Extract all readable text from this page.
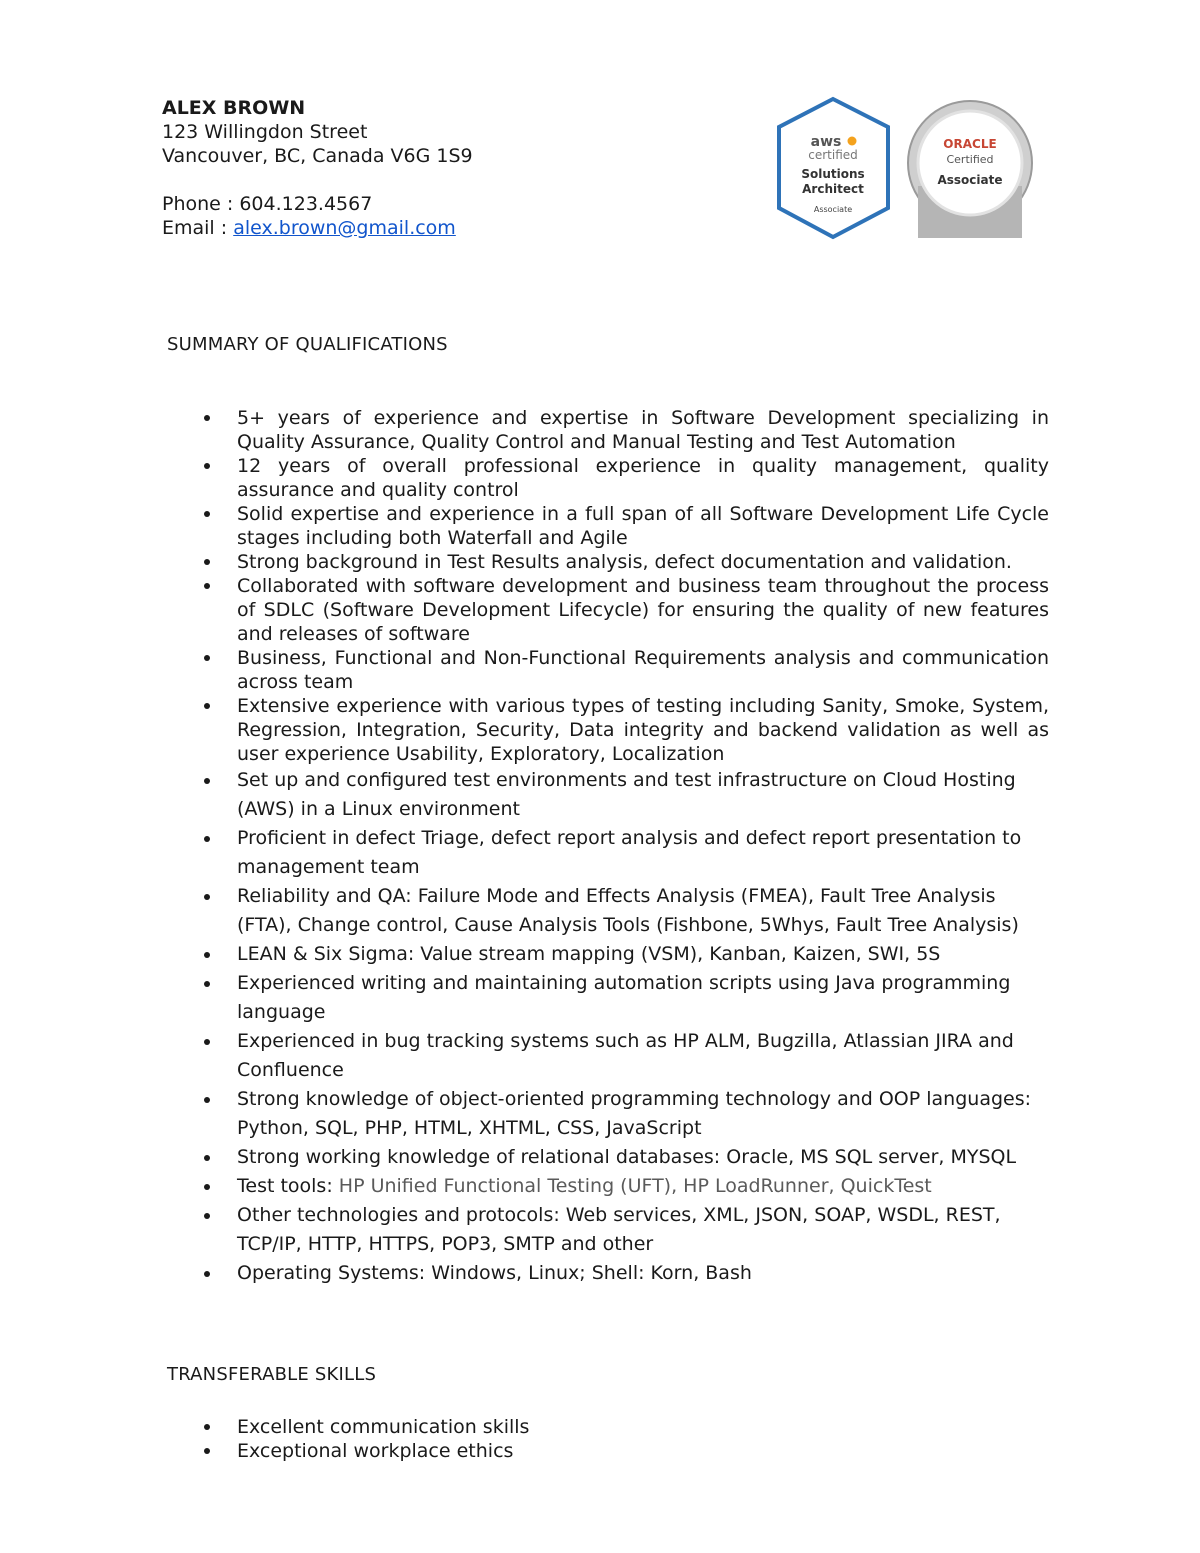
ALEX BROWN
123 Willingdon Street
Vancouver, BC, Canada V6G 1S9
Phone : 604.123.4567
Email : alex.brown@gmail.com
aws
certified
Solutions
Architect
Associate
ORACLE
Certified
Associate
SUMMARY OF QUALIFICATIONS
5+ years of experience and expertise in Software Development specializing in Quality Assurance, Quality Control and Manual Testing and Test Automation
12 years of overall professional experience in quality management, quality assurance and quality control
Solid expertise and experience in a full span of all Software Development Life Cycle stages including both Waterfall and Agile
Strong background in Test Results analysis, defect documentation and validation.
Collaborated with software development and business team throughout the process of SDLC (Software Development Lifecycle) for ensuring the quality of new features and releases of software
Business, Functional and Non-Functional Requirements analysis and communication across team
Extensive experience with various types of testing including Sanity, Smoke, System, Regression, Integration, Security, Data integrity and backend validation as well as user experience Usability, Exploratory, Localization
Set up and configured test environments and test infrastructure on Cloud Hosting (AWS) in a Linux environment
Proficient in defect Triage, defect report analysis and defect report presentation to management team
Reliability and QA: Failure Mode and Effects Analysis (FMEA), Fault Tree Analysis (FTA), Change control, Cause Analysis Tools (Fishbone, 5Whys, Fault Tree Analysis)
LEAN & Six Sigma: Value stream mapping (VSM), Kanban, Kaizen, SWI, 5S
Experienced writing and maintaining automation scripts using Java programming language
Experienced in bug tracking systems such as HP ALM, Bugzilla, Atlassian JIRA and Confluence
Strong knowledge of object-oriented programming technology and OOP languages: Python, SQL, PHP, HTML, XHTML, CSS, JavaScript
Strong working knowledge of relational databases: Oracle, MS SQL server, MYSQL
Test tools: HP Unified Functional Testing (UFT), HP LoadRunner, QuickTest
Other technologies and protocols: Web services, XML, JSON, SOAP, WSDL, REST, TCP/IP, HTTP, HTTPS, POP3, SMTP and other
Operating Systems: Windows, Linux; Shell: Korn, Bash
TRANSFERABLE SKILLS
Excellent communication skills
Exceptional workplace ethics
